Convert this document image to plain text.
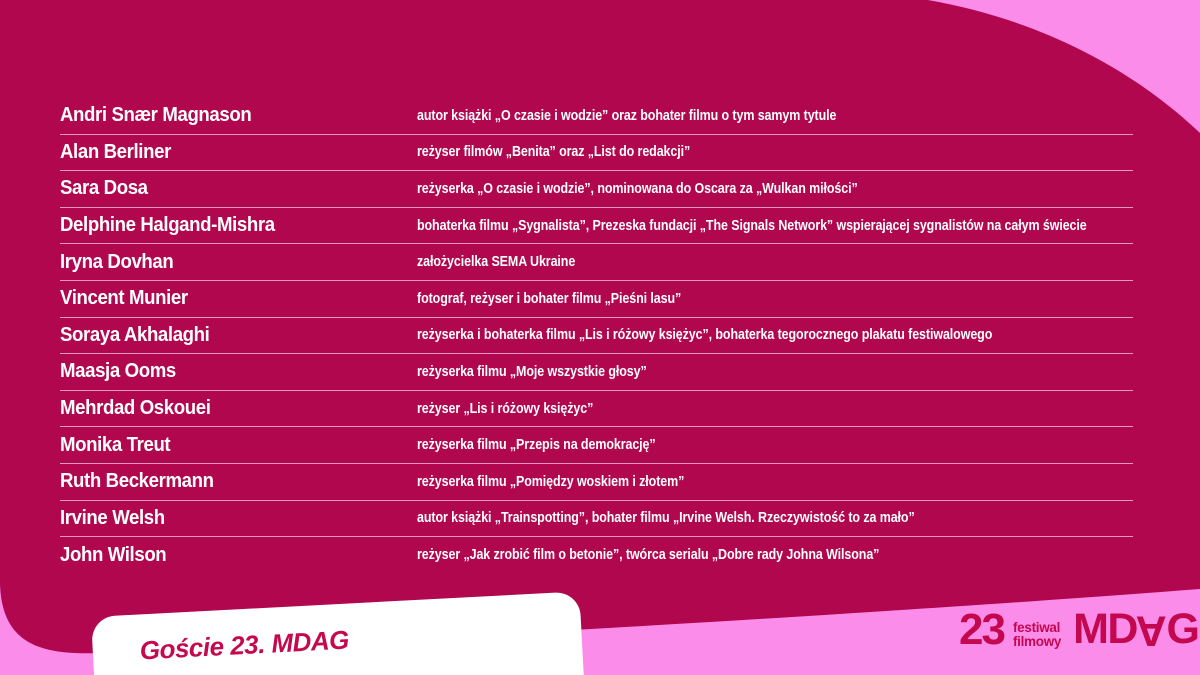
Andri Snær Magnason	autor książki „O czasie i wodzie” oraz bohater filmu o tym samym tytule
Alan Berliner	reżyser filmów „Benita” oraz „List do redakcji”
Sara Dosa	reżyserka „O czasie i wodzie”, nominowana do Oscara za „Wulkan miłości”
Delphine Halgand-Mishra	bohaterka filmu „Sygnalista”, Prezeska fundacji „The Signals Network” wspierającej sygnalistów na całym świecie
Iryna Dovhan	założycielka SEMA Ukraine
Vincent Munier	fotograf, reżyser i bohater filmu „Pieśni lasu”
Soraya Akhalaghi	reżyserka i bohaterka filmu „Lis i różowy księżyc”, bohaterka tegorocznego plakatu festiwalowego
Maasja Ooms	reżyserka filmu „Moje wszystkie głosy”
Mehrdad Oskouei	reżyser „Lis i różowy księżyc”
Monika Treut	reżyserka filmu „Przepis na demokrację”
Ruth Beckermann	reżyserka filmu „Pomiędzy woskiem i złotem”
Irvine Welsh	autor książki „Trainspotting”, bohater filmu „Irvine Welsh. Rzeczywistość to za mało”
John Wilson	reżyser „Jak zrobić film o betonie”, twórca serialu „Dobre rady Johna Wilsona”
Goście 23. MDAG	23 festiwal
filmowy MDAG
